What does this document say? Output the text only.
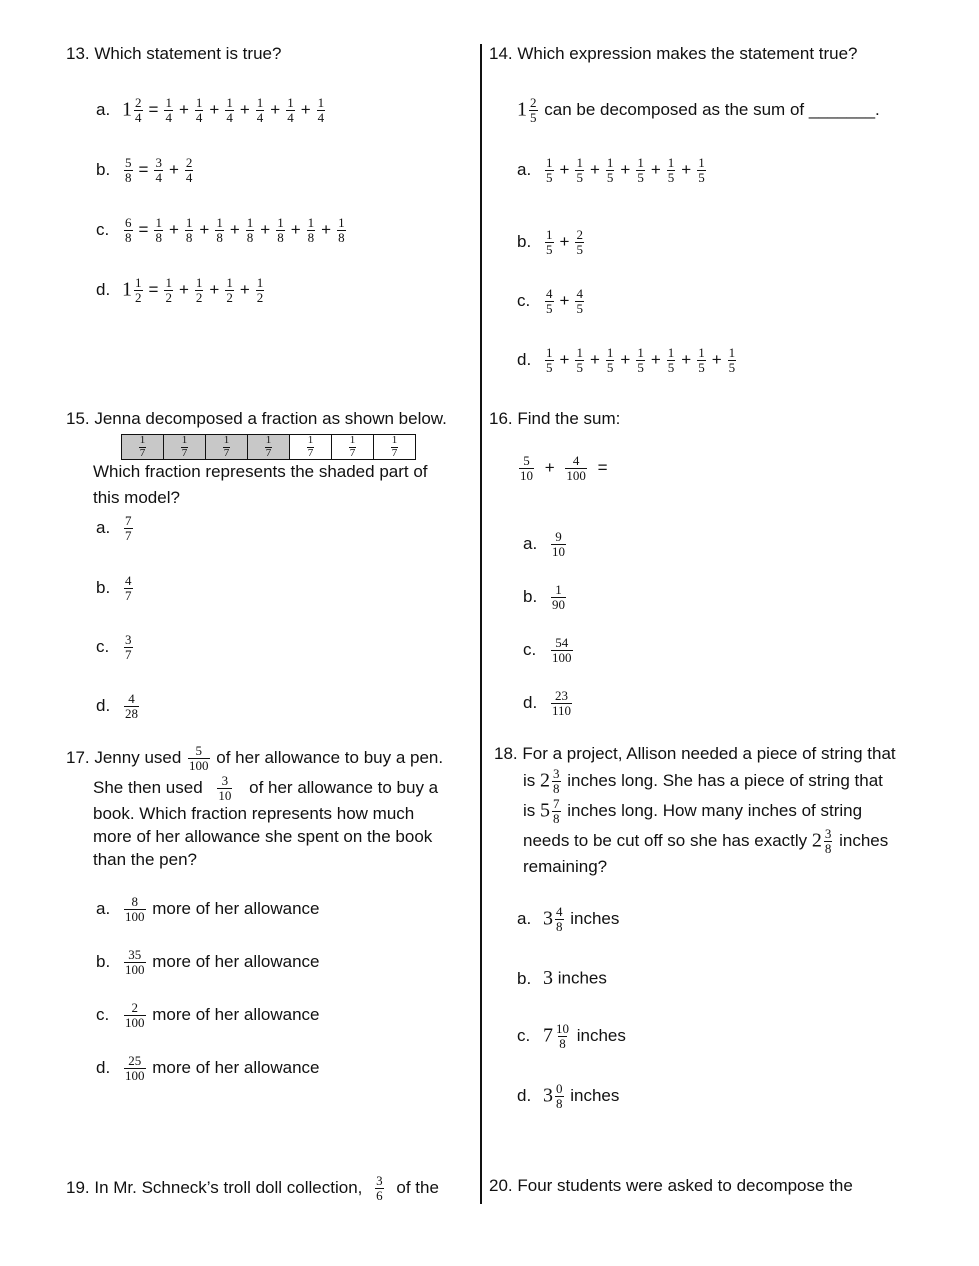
13. Which statement is true?
a. $1 \frac{2}{4} = \frac{1}{4} + \frac{1}{4} + \frac{1}{4} + \frac{1}{4} + \frac{1}{4} + \frac{1}{4}$
b. $\frac{5}{8} = \frac{3}{4} + \frac{2}{4}$
c. $\frac{6}{8} = \frac{1}{8} + \frac{1}{8} + \frac{1}{8} + \frac{1}{8} + \frac{1}{8} + \frac{1}{8} + \frac{1}{8}$
d. $1 \frac{1}{2} = \frac{1}{2} + \frac{1}{2} + \frac{1}{2} + \frac{1}{2}$
14. Which expression makes the statement true?
$1 \frac{2}{5}$ can be decomposed as the sum of _______.
a. $\frac{1}{5} + \frac{1}{5} + \frac{1}{5} + \frac{1}{5} + \frac{1}{5} + \frac{1}{5}$
b. $\frac{1}{5} + \frac{2}{5}$
c. $\frac{4}{5} + \frac{4}{5}$
d. $\frac{1}{5} + \frac{1}{5} + \frac{1}{5} + \frac{1}{5} + \frac{1}{5} + \frac{1}{5} + \frac{1}{5}$
15. Jenna decomposed a fraction as shown below.
$\frac{1}{7}$	$\frac{1}{7}$	$\frac{1}{7}$	$\frac{1}{7}$	$\frac{1}{7}$	$\frac{1}{7}$	$\frac{1}{7}$
Which fraction represents the shaded part of
this model?
a. $\frac{7}{7}$
b. $\frac{4}{7}$
c. $\frac{3}{7}$
d. $\frac{4}{28}$
16. Find the sum:
$\frac{5}{10} + \frac{4}{100}$ =
a. $\frac{9}{10}$
b. $\frac{1}{90}$
c. $\frac{54}{100}$
d. $\frac{23}{110}$
17. Jenny used $\frac{5}{100}$ of her allowance to buy a pen.
She then used $\frac{3}{10}$ of her allowance to buy a
book. Which fraction represents how much
more of her allowance she spent on the book
than the pen?
a. $\frac{8}{100}$ more of her allowance
b. $\frac{35}{100}$ more of her allowance
c. $\frac{2}{100}$ more of her allowance
d. $\frac{25}{100}$ more of her allowance
18. For a project, Allison needed a piece of string that
is $2 \frac{3}{8}$ inches long. She has a piece of string that
is $5 \frac{7}{8}$ inches long. How many inches of string
needs to be cut off so she has exactly $2 \frac{3}{8}$ inches
remaining?
a. $3 \frac{4}{8}$ inches
b. 3 inches
c. $7 \frac{10}{8}$ inches
d. $3 \frac{0}{8}$ inches
19. In Mr. Schneck’s troll doll collection, $\frac{3}{6}$ of the	20. Four students were asked to decompose the
